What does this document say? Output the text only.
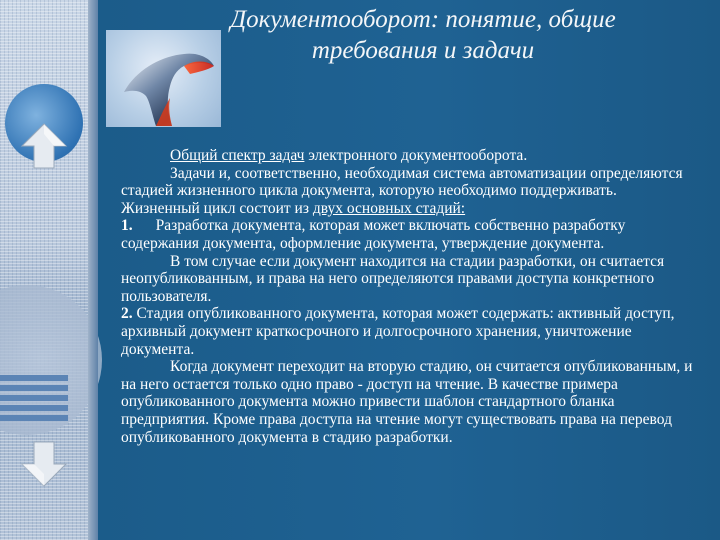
Документооборот: понятие, общие
требования и задачи

Общий спектр задач электронного документооборота.

Задачи и, соответственно, необходимая система автоматизации определяются стадией жизненного цикла документа, которую необходимо поддерживать. Жизненный цикл состоит из двух основных стадий:

1. Разработка документа, которая может включать собственно разработку содержания документа, оформление документа, утверждение документа.

В том случае если документ находится на стадии разработки, он считается неопубликованным, и права на него определяются правами доступа конкретного пользователя.

2. Стадия опубликованного документа, которая может содержать: активный доступ, архивный документ краткосрочного и долгосрочного хранения, уничтожение документа.

Когда документ переходит на вторую стадию, он считается опубликованным, и на него остается только одно право - доступ на чтение. В качестве примера опубликованного документа можно привести шаблон стандартного бланка предприятия. Кроме права доступа на чтение могут существовать права на перевод опубликованного документа в стадию разработки.
